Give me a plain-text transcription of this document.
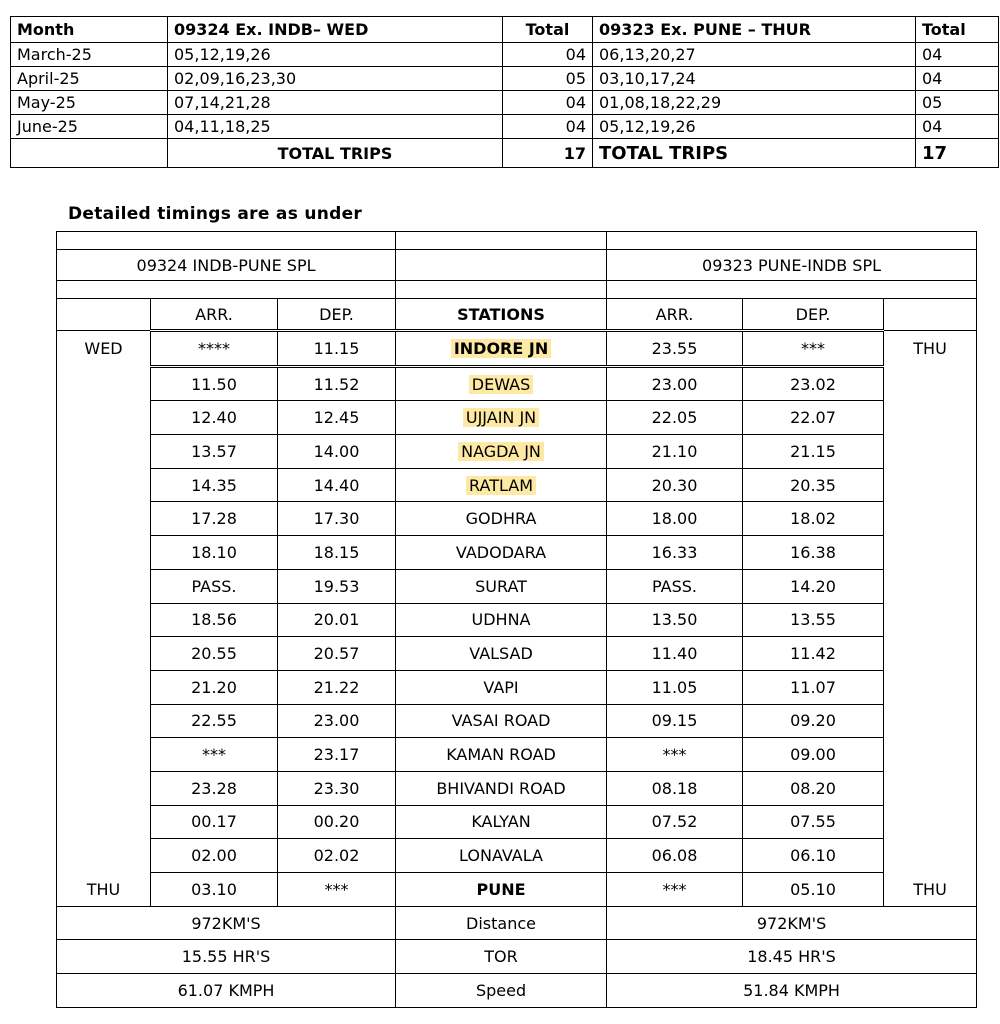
Month	09324 Ex. INDB– WED	Total	09323 Ex. PUNE – THUR	Total
March-25	05,12,19,26	04	06,13,20,27	04
April-25	02,09,16,23,30	05	03,10,17,24	04
May-25	07,14,21,28	04	01,08,18,22,29	05
June-25	04,11,18,25	04	05,12,19,26	04
	TOTAL TRIPS	17	TOTAL TRIPS	17
Detailed timings are as under

09324 INDB-PUNE SPL				09323 PUNE-INDB SPL		

	ARR.	DEP.	STATIONS	ARR.	DEP.	
WED	****	11.15	INDORE JN	23.55	***	THU
	11.50	11.52	DEWAS	23.00	23.02	
	12.40	12.45	UJJAIN JN	22.05	22.07	
	13.57	14.00	NAGDA JN	21.10	21.15	
	14.35	14.40	RATLAM	20.30	20.35	
	17.28	17.30	GODHRA	18.00	18.02	
	18.10	18.15	VADODARA	16.33	16.38	
	PASS.	19.53	SURAT	PASS.	14.20	
	18.56	20.01	UDHNA	13.50	13.55	
	20.55	20.57	VALSAD	11.40	11.42	
	21.20	21.22	VAPI	11.05	11.07	
	22.55	23.00	VASAI ROAD	09.15	09.20	
	***	23.17	KAMAN ROAD	***	09.00	
	23.28	23.30	BHIVANDI ROAD	08.18	08.20	
	00.17	00.20	KALYAN	07.52	07.55	
	02.00	02.02	LONAVALA	06.08	06.10	
THU	03.10	***	PUNE	***	05.10	THU
972KM'S			Distance	972KM'S		
15.55 HR'S			TOR	18.45 HR'S		
61.07 KMPH			Speed	51.84 KMPH		
